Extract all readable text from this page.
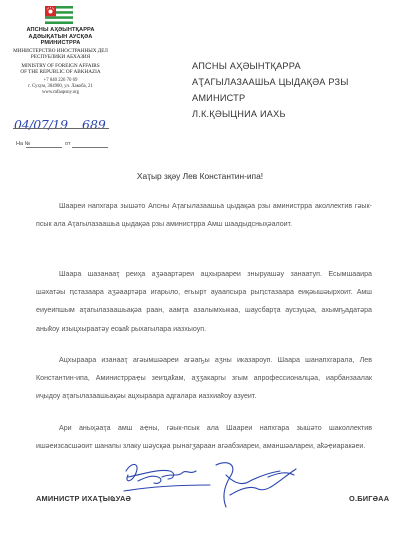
АПСНЫ АҲӘЫНТҚАРРА
АДӘЫҚАТЫН АУСҚӘА
РМИНИСТРРА
МИНИСТЕРСТВО ИНОСТРАННЫХ ДЕЛ
РЕСПУБЛИКИ АБХАЗИЯ
MINISTRY OF FOREIGN AFFAIRS
OF THE REPUBLIC OF ABKHAZIA
+7 840 226 70 69
г. Сухум, 384900, ул. Лакоба, 21
www.mfaapsny.org
04/07/19 689
На №	от
АПСНЫ АҲӘЫНТҚАРРА
АҬАГЫЛАЗААШЬА ЦЫДАҚӘА РЗЫ
АМИНИСТР
Л.К.ҚӘЫЦНИА ИАХЬ
Хаҭыр зқәу Лев Константин-ипа!

Шаареи напхгара зышәто Апсны Аҭагылазаашьа цыдақәа рзы аминистрра аколлектив гәык-псык ала Аҭагылазаашьа цыдақәа рзы аминистрра Амш шаадыдсныҳәалоит.

Шаара шазанааҭ реиҳа аӡәаартәреи ацхыраареи зныруашәу занаатуп. Есымшааира шәхатәы ԥстазаара аӡәаартәра игарыло, егьырт ауаапсыра рыԥстазаара еиқәышәырхоит. Амш еиуеипшым аҭагылазаашьақәа раан, аамҭа азалымхыкаа, шаусбарҭа аусзуцәа, ахымҧадатәра аныҟоу изыцхыраатәу есҩаҟ рыхагылара иазхыоуп.

Ацхыраара изанааҭ агәымшәареи агәаҧы аӡны иказароуп. Шаара шанапхгарала, Лев Константин-ипа, Аминистрраҿы зеиҵаҟам, аӡӡакаргы згым апрофессионалцәа, иарбанзаалак иҷыдоу аҭагылазаашьақәы ацхыраара адгалара иазхиаҟоу азуеит.

Ари аныҳәаҭа амш аҿны, гәык-псык ала Шаареи напхгара зышәто шаколлектив ишәеизсасшәоит шанапы злаку шәусқәа рынагӡараан агәабзиареи, аманшәалареи, аҟәҿиаракәеи.

АМИНИСТР ИХАҬЫҨУАӘ	О.БИГӘАА
